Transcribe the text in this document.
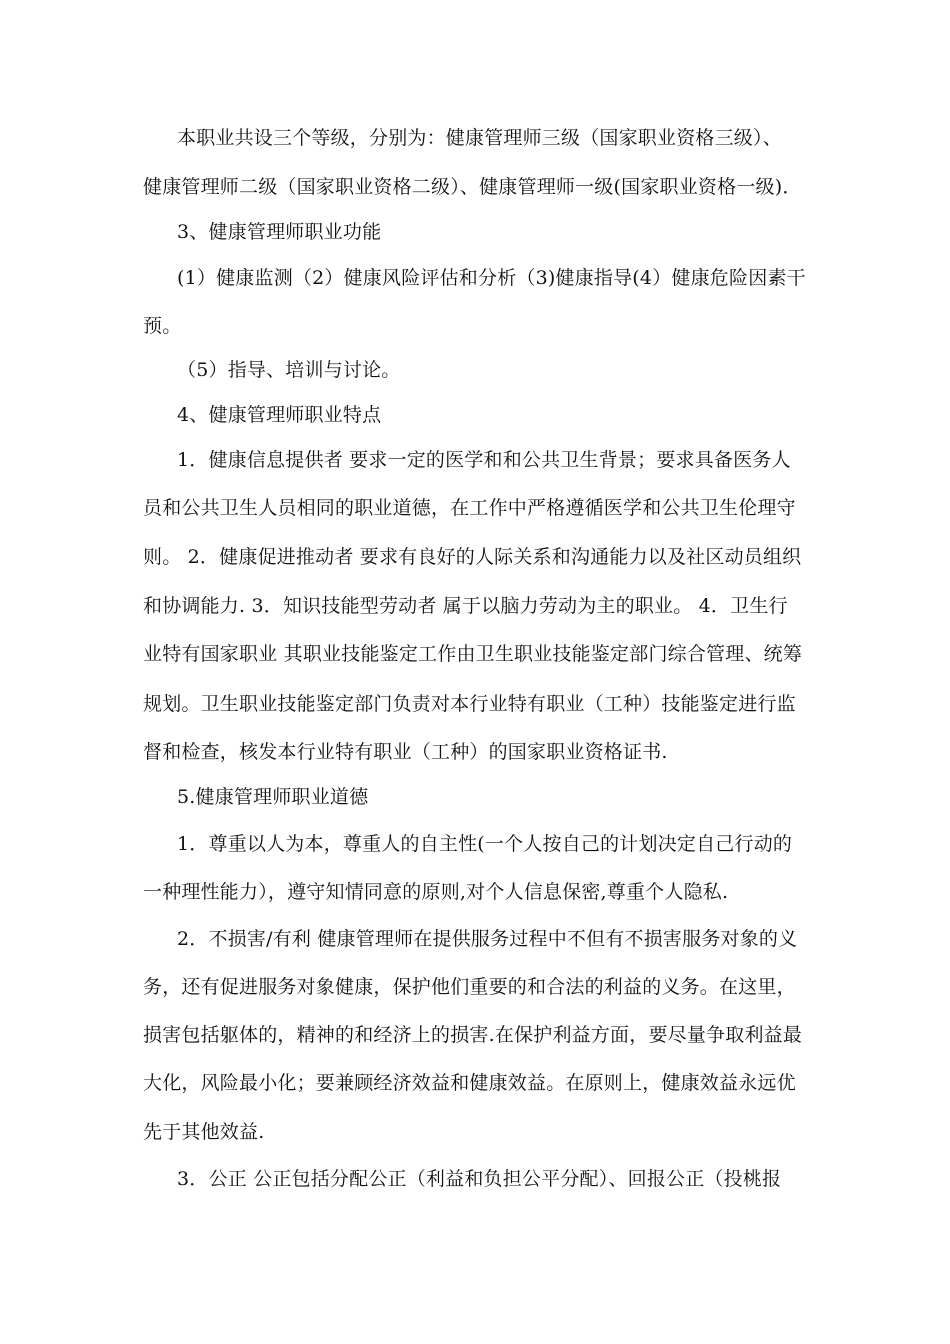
本职业共设三个等级，分别为：健康管理师三级（国家职业资格三级）、
健康管理师二级（国家职业资格二级）、健康管理师一级(国家职业资格一级)．
3、健康管理师职业功能
(1）健康监测（2）健康风险评估和分析（3)健康指导(4）健康危险因素干
预。
（5）指导、培训与讨论。
4、健康管理师职业特点
1．健康信息提供者 要求一定的医学和和公共卫生背景；要求具备医务人
员和公共卫生人员相同的职业道德，在工作中严格遵循医学和公共卫生伦理守
则。 2．健康促进推动者 要求有良好的人际关系和沟通能力以及社区动员组织
和协调能力. 3．知识技能型劳动者 属于以脑力劳动为主的职业。 4．卫生行
业特有国家职业 其职业技能鉴定工作由卫生职业技能鉴定部门综合管理、统筹
规划。卫生职业技能鉴定部门负责对本行业特有职业（工种）技能鉴定进行监
督和检查，核发本行业特有职业（工种）的国家职业资格证书.
5.健康管理师职业道德
1．尊重以人为本，尊重人的自主性(一个人按自己的计划决定自己行动的
一种理性能力），遵守知情同意的原则,对个人信息保密,尊重个人隐私.
2．不损害/有利 健康管理师在提供服务过程中不但有不损害服务对象的义
务，还有促进服务对象健康，保护他们重要的和合法的利益的义务。在这里，
损害包括躯体的，精神的和经济上的损害.在保护利益方面，要尽量争取利益最
大化，风险最小化；要兼顾经济效益和健康效益。在原则上，健康效益永远优
先于其他效益.
3．公正 公正包括分配公正（利益和负担公平分配）、回报公正（投桃报
